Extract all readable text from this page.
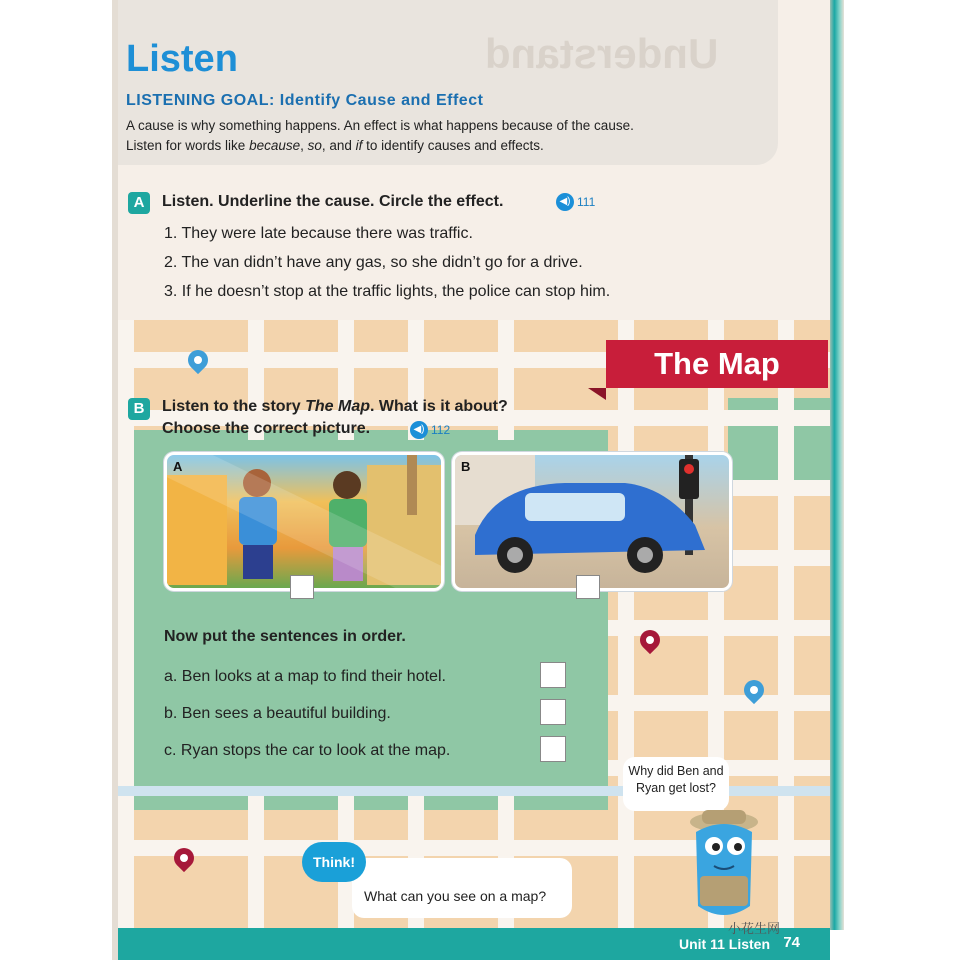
Understand
Listen
LISTENING GOAL: Identify Cause and Effect
A cause is why something happens. An effect is what happens because of the cause.
Listen for words like because, so, and if to identify causes and effects.
A	Listen. Underline the cause. Circle the effect.	◀) 111
1. They were late because there was traffic.
2. The van didn’t have any gas, so she didn’t go for a drive.
3. If he doesn’t stop at the traffic lights, the police can stop him.
The Map
B	Listen to the story The Map. What is it about?
Choose the correct picture.	◀) 112
A	B
Now put the sentences in order.
a. Ben looks at a map to find their hotel.
b. Ben sees a beautiful building.
c. Ryan stops the car to look at the map.
Why did Ben and
Ryan get lost?
Think!
What can you see on a map?
Unit 11 Listen 74
小花生网
